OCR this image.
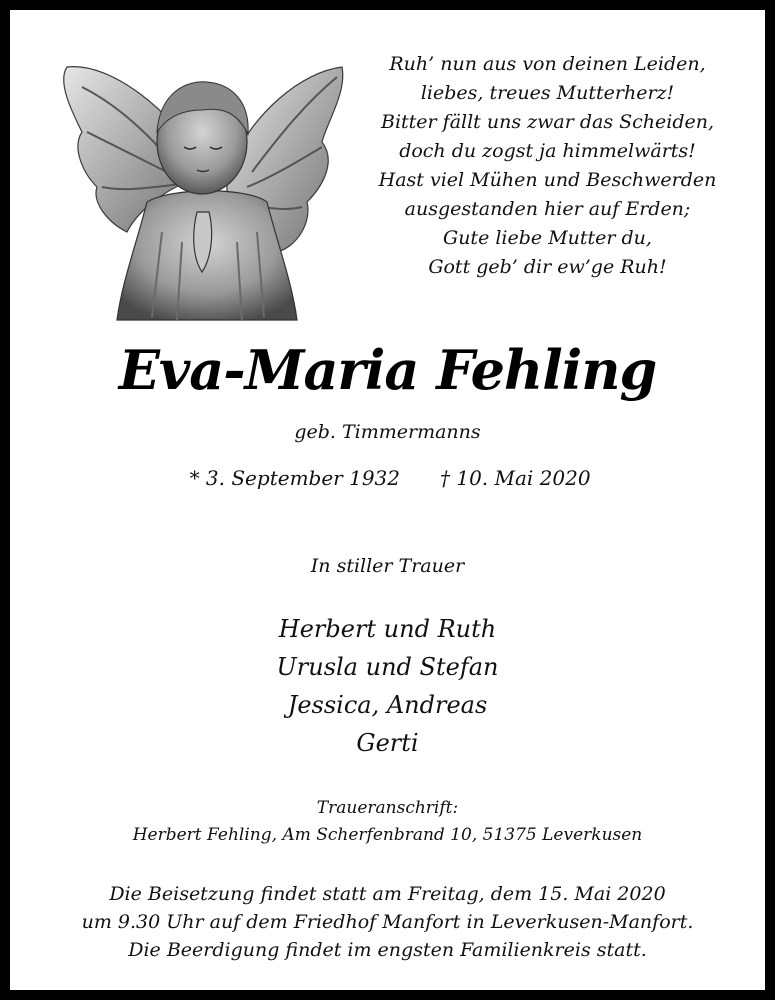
Ruh’ nun aus von deinen Leiden,
liebes, treues Mutterherz!
Bitter fällt uns zwar das Scheiden,
doch du zogst ja himmelwärts!
Hast viel Mühen und Beschwerden
ausgestanden hier auf Erden;
Gute liebe Mutter du,
Gott geb’ dir ew’ge Ruh!
Eva-Maria Fehling
geb. Timmermanns
* 3. September 1932 † 10. Mai 2020
In stiller Trauer
Herbert und Ruth
Urusla und Stefan
Jessica, Andreas
Gerti
Traueranschrift:
Herbert Fehling, Am Scherfenbrand 10, 51375 Leverkusen
Die Beisetzung findet statt am Freitag, dem 15. Mai 2020
um 9.30 Uhr auf dem Friedhof Manfort in Leverkusen-Manfort.
Die Beerdigung findet im engsten Familienkreis statt.
